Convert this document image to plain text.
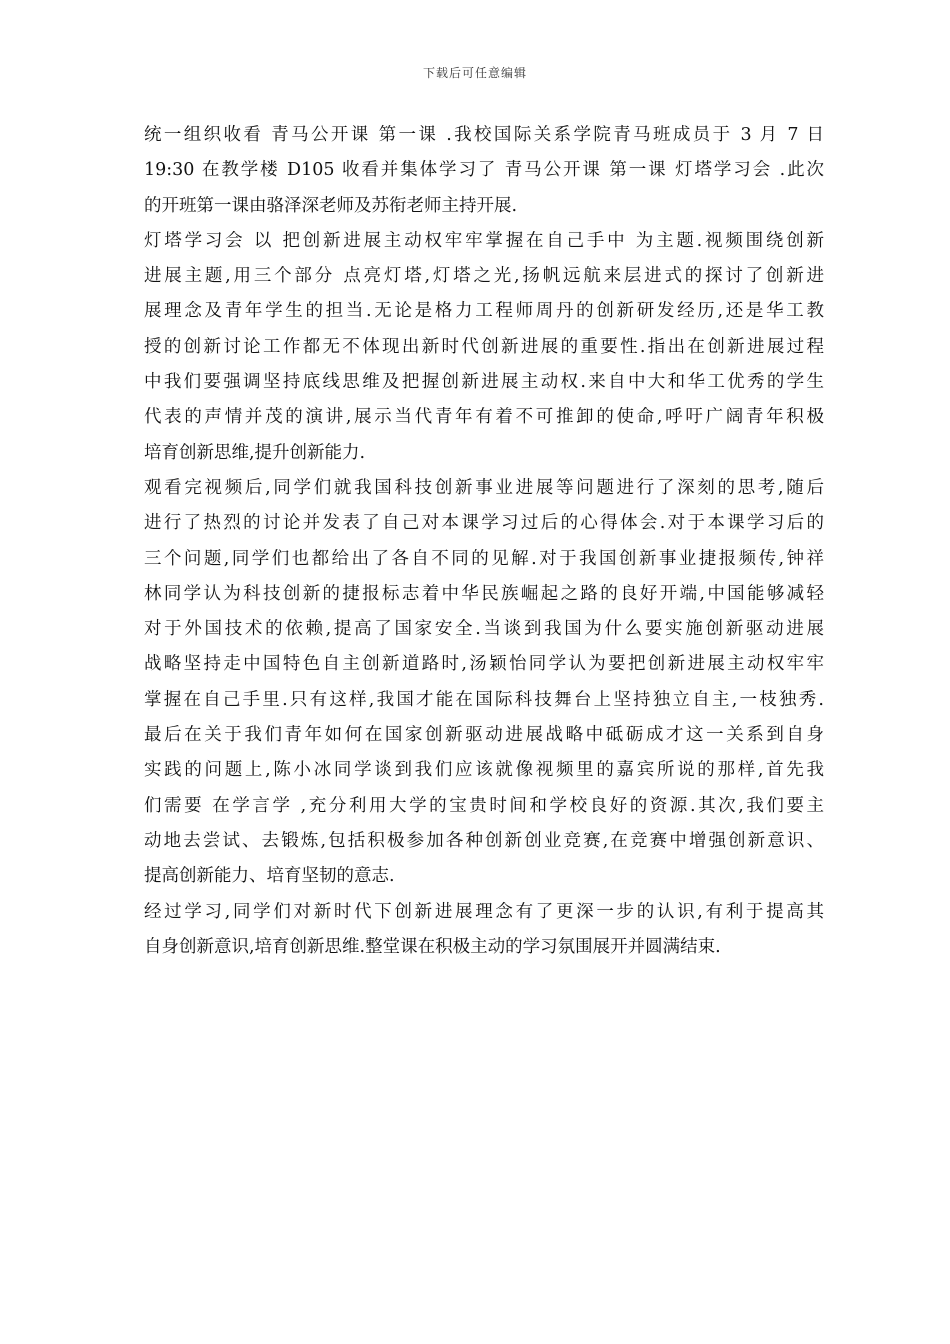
下载后可任意编辑
统一组织收看 青马公开课 第一课 .我校国际关系学院青马班成员于 3 月 7 日
19:30 在教学楼 D105 收看并集体学习了 青马公开课 第一课 灯塔学习会 .此次
的开班第一课由骆泽深老师及苏衔老师主持开展.
灯塔学习会 以 把创新进展主动权牢牢掌握在自己手中 为主题.视频围绕创新
进展主题,用三个部分 点亮灯塔,灯塔之光,扬帆远航来层进式的探讨了创新进
展理念及青年学生的担当.无论是格力工程师周丹的创新研发经历,还是华工教
授的创新讨论工作都无不体现出新时代创新进展的重要性.指出在创新进展过程
中我们要强调坚持底线思维及把握创新进展主动权.来自中大和华工优秀的学生
代表的声情并茂的演讲,展示当代青年有着不可推卸的使命,呼吁广阔青年积极
培育创新思维,提升创新能力.
观看完视频后,同学们就我国科技创新事业进展等问题进行了深刻的思考,随后
进行了热烈的讨论并发表了自己对本课学习过后的心得体会.对于本课学习后的
三个问题,同学们也都给出了各自不同的见解.对于我国创新事业捷报频传,钟祥
林同学认为科技创新的捷报标志着中华民族崛起之路的良好开端,中国能够减轻
对于外国技术的依赖,提高了国家安全.当谈到我国为什么要实施创新驱动进展
战略坚持走中国特色自主创新道路时,汤颖怡同学认为要把创新进展主动权牢牢
掌握在自己手里.只有这样,我国才能在国际科技舞台上坚持独立自主,一枝独秀.
最后在关于我们青年如何在国家创新驱动进展战略中砥砺成才这一关系到自身
实践的问题上,陈小冰同学谈到我们应该就像视频里的嘉宾所说的那样,首先我
们需要 在学言学 ,充分利用大学的宝贵时间和学校良好的资源.其次,我们要主
动地去尝试、去锻炼,包括积极参加各种创新创业竞赛,在竞赛中增强创新意识、
提高创新能力、培育坚韧的意志.
经过学习,同学们对新时代下创新进展理念有了更深一步的认识,有利于提高其
自身创新意识,培育创新思维.整堂课在积极主动的学习氛围展开并圆满结束.
